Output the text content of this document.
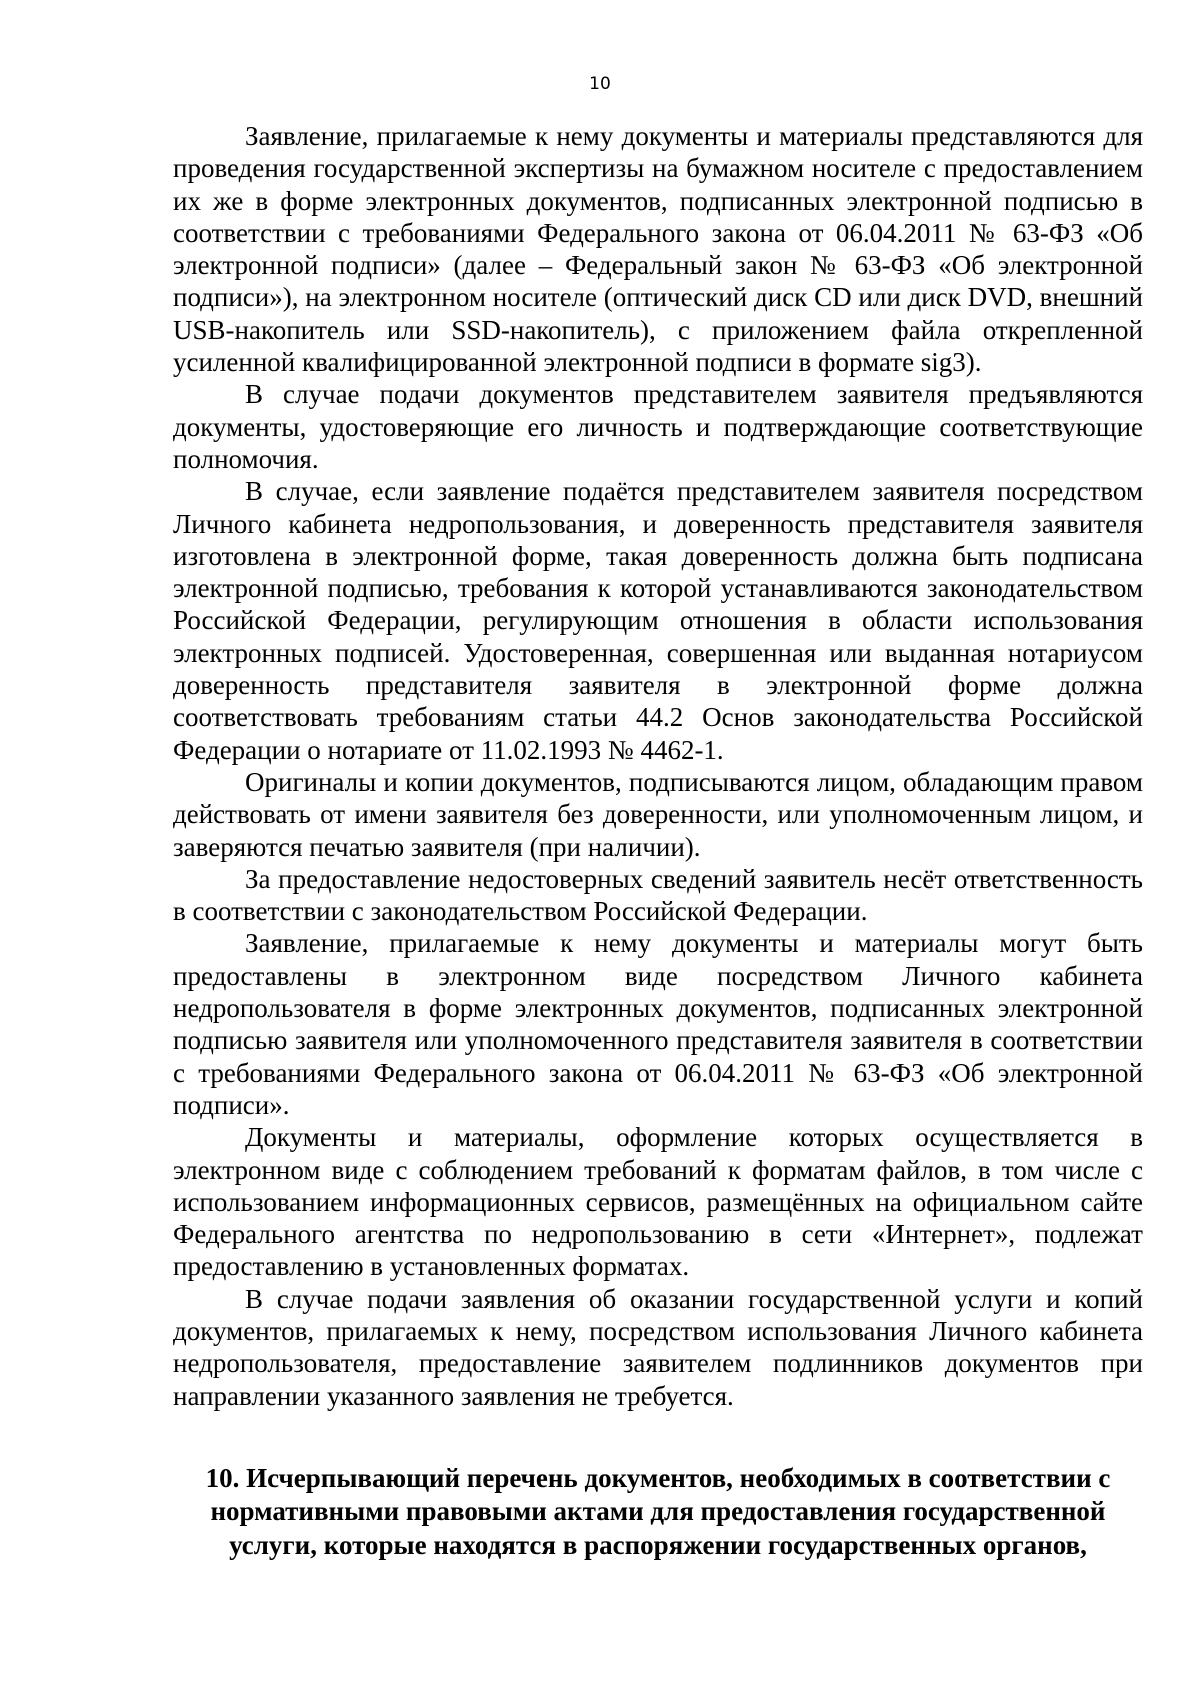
10

Заявление, прилагаемые к нему документы и материалы представляются для проведения государственной экспертизы на бумажном носителе с предоставлением их же в форме электронных документов, подписанных электронной подписью в соответствии с требованиями Федерального закона от 06.04.2011 № 63-ФЗ «Об электронной подписи» (далее – Федеральный закон № 63-ФЗ «Об электронной подписи»), на электронном носителе (оптический диск CD или диск DVD, внешний USB-накопитель или SSD-накопитель), с приложением файла открепленной усиленной квалифицированной электронной подписи в формате sig3).

В случае подачи документов представителем заявителя предъявляются документы, удостоверяющие его личность и подтверждающие соответствующие полномочия.

В случае, если заявление подаётся представителем заявителя посредством Личного кабинета недропользования, и доверенность представителя заявителя изготовлена в электронной форме, такая доверенность должна быть подписана электронной подписью, требования к которой устанавливаются законодательством Российской Федерации, регулирующим отношения в области использования электронных подписей. Удостоверенная, совершенная или выданная нотариусом доверенность представителя заявителя в электронной форме должна соответствовать требованиям статьи 44.2 Основ законодательства Российской Федерации о нотариате от 11.02.1993 № 4462-1.

Оригиналы и копии документов, подписываются лицом, обладающим правом действовать от имени заявителя без доверенности, или уполномоченным лицом, и заверяются печатью заявителя (при наличии).

За предоставление недостоверных сведений заявитель несёт ответственность в соответствии с законодательством Российской Федерации.

Заявление, прилагаемые к нему документы и материалы могут быть предоставлены в электронном виде посредством Личного кабинета недропользователя в форме электронных документов, подписанных электронной подписью заявителя или уполномоченного представителя заявителя в соответствии с требованиями Федерального закона от 06.04.2011 № 63-ФЗ «Об электронной подписи».

Документы и материалы, оформление которых осуществляется в электронном виде с соблюдением требований к форматам файлов, в том числе с использованием информационных сервисов, размещённых на официальном сайте Федерального агентства по недропользованию в сети «Интернет», подлежат предоставлению в установленных форматах.

В случае подачи заявления об оказании государственной услуги и копий документов, прилагаемых к нему, посредством использования Личного кабинета недропользователя, предоставление заявителем подлинников документов при направлении указанного заявления не требуется.

10. Исчерпывающий перечень документов, необходимых в соответствии с нормативными правовыми актами для предоставления государственной услуги, которые находятся в распоряжении государственных органов,
